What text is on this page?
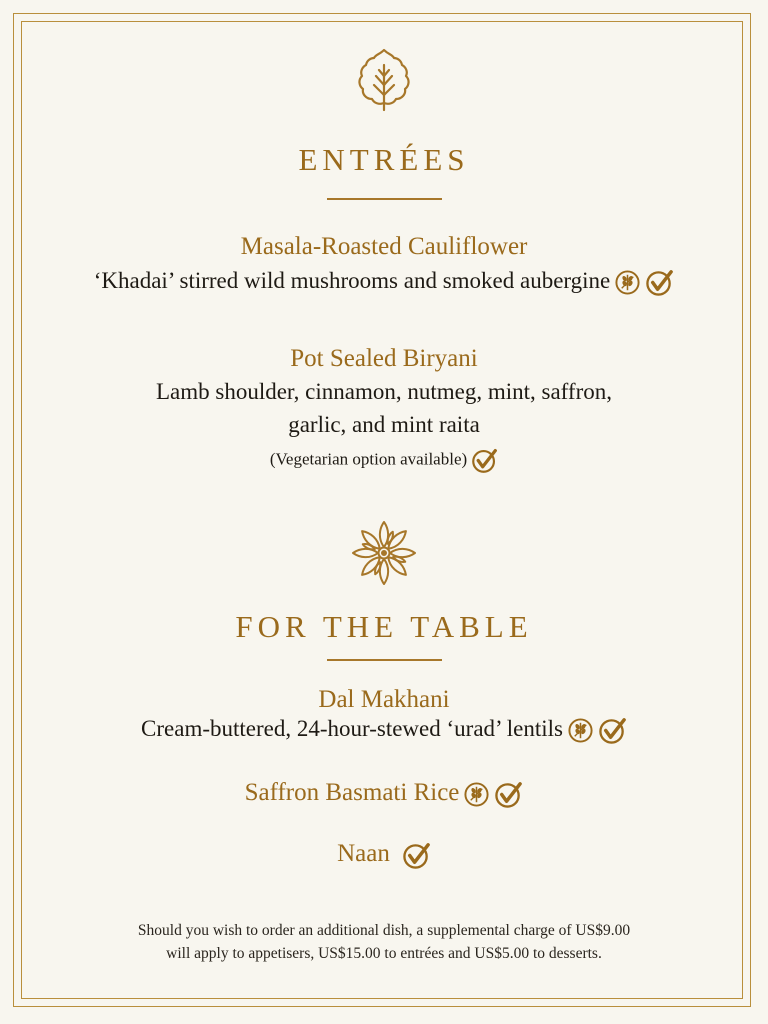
ENTRÉES
Masala-Roasted Cauliflower
‘Khadai’ stirred wild mushrooms and smoked aubergine
Pot Sealed Biryani
Lamb shoulder, cinnamon, nutmeg, mint, saffron,
garlic, and mint raita
(Vegetarian option available)
FOR THE TABLE
Dal Makhani
Cream-buttered, 24-hour-stewed ‘urad’ lentils
Saffron Basmati Rice
Naan
Should you wish to order an additional dish, a supplemental charge of US$9.00
will apply to appetisers, US$15.00 to entrées and US$5.00 to desserts.
